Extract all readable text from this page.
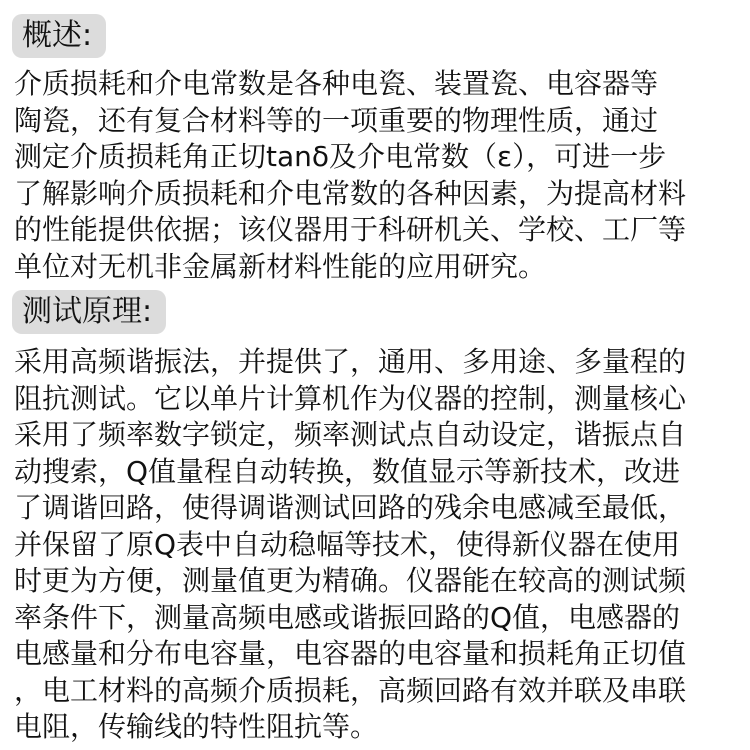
概述:

介质损耗和介电常数是各种电瓷、装置瓷、电容器等
陶瓷，还有复合材料等的一项重要的物理性质，通过
测定介质损耗角正切tanδ及介电常数（ε），可进一步
了解影响介质损耗和介电常数的各种因素，为提高材料
的性能提供依据；该仪器用于科研机关、学校、工厂等
单位对无机非金属新材料性能的应用研究。

测试原理:

采用高频谐振法，并提供了，通用、多用途、多量程的
阻抗测试。它以单片计算机作为仪器的控制，测量核心
采用了频率数字锁定，频率测试点自动设定，谐振点自
动搜索，Q值量程自动转换，数值显示等新技术，改进
了调谐回路，使得调谐测试回路的残余电感减至最低，
并保留了原Q表中自动稳幅等技术，使得新仪器在使用
时更为方便，测量值更为精确。仪器能在较高的测试频
率条件下，测量高频电感或谐振回路的Q值，电感器的
电感量和分布电容量，电容器的电容量和损耗角正切值
，电工材料的高频介质损耗，高频回路有效并联及串联
电阻，传输线的特性阻抗等。
